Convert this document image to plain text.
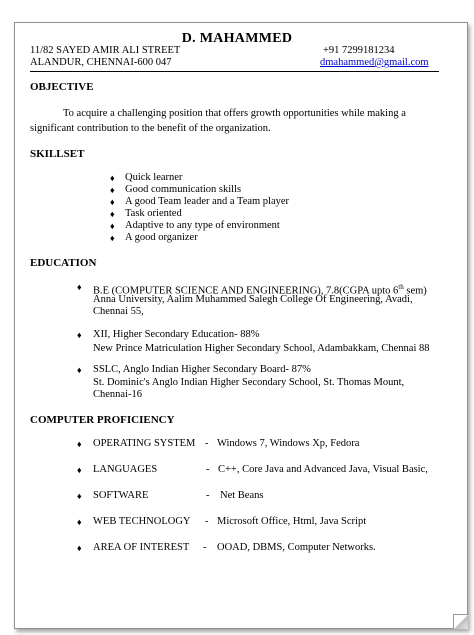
D. MAHAMMED
11/82 SAYED AMIR ALI STREET
ALANDUR, CHENNAI-600 047
+91 7299181234
dmahammed@gmail.com
OBJECTIVE
To acquire a challenging position that offers growth opportunities while making a
significant contribution to the benefit of the organization.
SKILLSET
♦ Quick learner
♦ Good communication skills
♦ A good Team leader and a Team player
♦ Task oriented
♦ Adaptive to any type of environment
♦ A good organizer
EDUCATION
♦ B.E (COMPUTER SCIENCE AND ENGINEERING), 7.8(CGPA upto 6th sem)
Anna University, Aalim Muhammed Salegh College Of Engineering, Avadi,
Chennai 55,
♦ XII, Higher Secondary Education- 88%
New Prince Matriculation Higher Secondary School, Adambakkam, Chennai 88
♦ SSLC, Anglo Indian Higher Secondary Board- 87%
St. Dominic's Anglo Indian Higher Secondary School, St. Thomas Mount,
Chennai-16
COMPUTER PROFICIENCY
♦ OPERATING SYSTEM - Windows 7, Windows Xp, Fedora
♦ LANGUAGES	- C++, Core Java and Advanced Java, Visual Basic,
♦ SOFTWARE	- Net Beans
♦ WEB TECHNOLOGY - Microsoft Office, Html, Java Script
♦ AREA OF INTEREST - OOAD, DBMS, Computer Networks.
